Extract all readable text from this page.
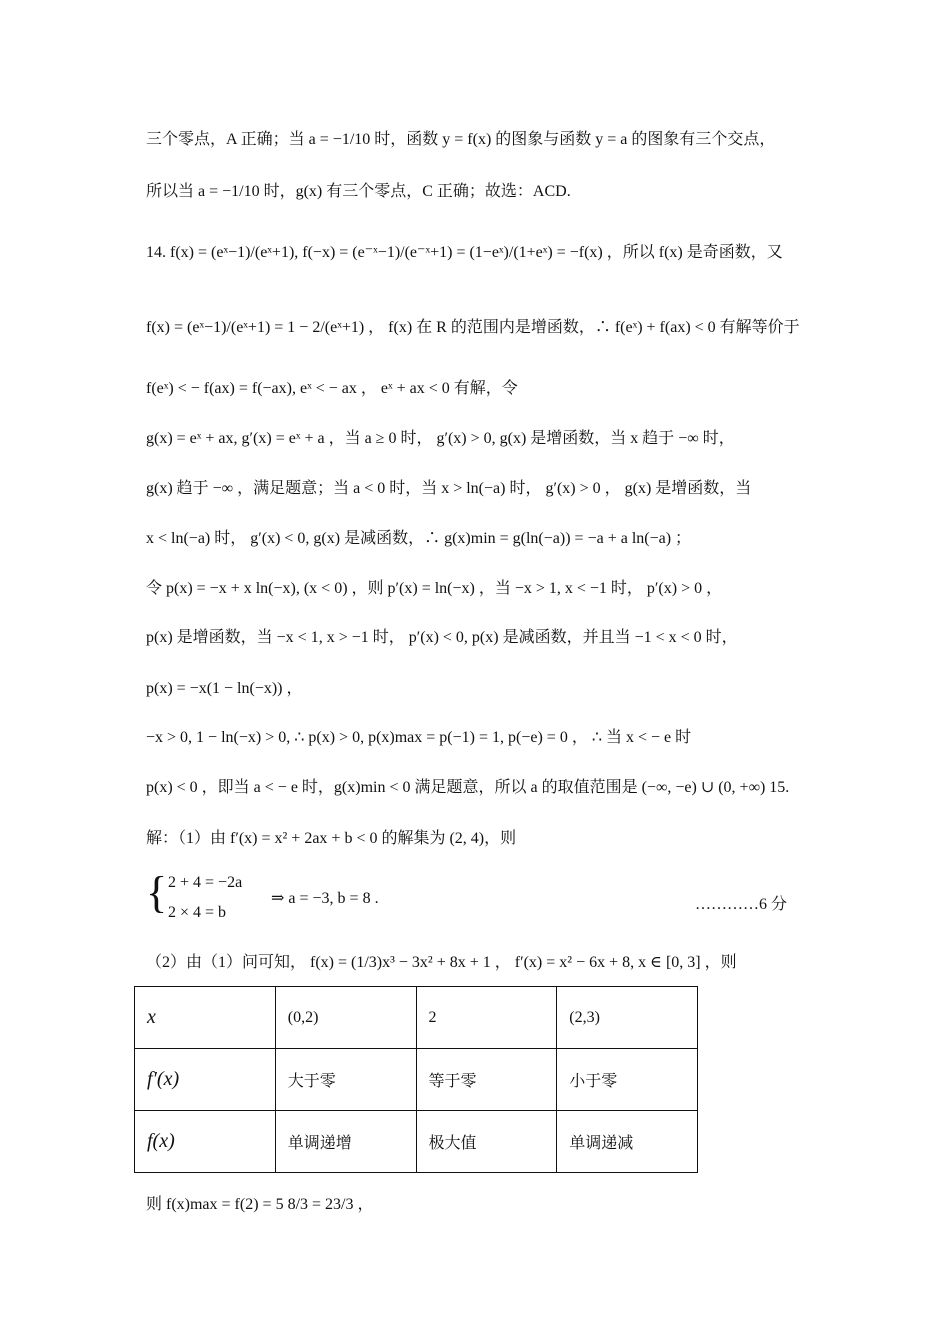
三个零点，A 正确；当 a = −1/10 时，函数 y = f(x) 的图象与函数 y = a 的图象有三个交点，
所以当 a = −1/10 时，g(x) 有三个零点，C 正确；故选：ACD.
14. f(x) = (eˣ−1)/(eˣ+1), f(−x) = (e⁻ˣ−1)/(e⁻ˣ+1) = (1−eˣ)/(1+eˣ) = −f(x) ，所以 f(x) 是奇函数，又
f(x) = (eˣ−1)/(eˣ+1) = 1 − 2/(eˣ+1) ， f(x) 在 R 的范围内是增函数，∴ f(eˣ) + f(ax) < 0 有解等价于
f(eˣ) < − f(ax) = f(−ax), eˣ < − ax ， eˣ + ax < 0 有解，令
g(x) = eˣ + ax, g′(x) = eˣ + a ，当 a ≥ 0 时， g′(x) > 0, g(x) 是增函数，当 x 趋于 −∞ 时，
g(x) 趋于 −∞ ，满足题意；当 a < 0 时，当 x > ln(−a) 时， g′(x) > 0 ， g(x) 是增函数，当
x < ln(−a) 时， g′(x) < 0, g(x) 是减函数，∴ g(x)min = g(ln(−a)) = −a + a ln(−a) ；
令 p(x) = −x + x ln(−x), (x < 0) ，则 p′(x) = ln(−x) ，当 −x > 1, x < −1 时， p′(x) > 0 ，
p(x) 是增函数，当 −x < 1, x > −1 时， p′(x) < 0, p(x) 是减函数，并且当 −1 < x < 0 时，
p(x) = −x(1 − ln(−x)) ，
−x > 0, 1 − ln(−x) > 0, ∴ p(x) > 0, p(x)max = p(−1) = 1, p(−e) = 0 ， ∴ 当 x < − e 时
p(x) < 0 ，即当 a < − e 时，g(x)min < 0 满足题意，所以 a 的取值范围是 (−∞, −e) ∪ (0, +∞) 15.
解：（1）由 f′(x) = x² + 2ax + b < 0 的解集为 (2, 4)，则
{ 2 + 4 = −2a
2 × 4 = b
⇒ a = −3, b = 8 .	…………6 分
（2）由（1）问可知， f(x) = (1/3)x³ − 3x² + 8x + 1 ， f′(x) = x² − 6x + 8, x ∈ [0, 3] ，则
x	(0,2)	2	(2,3)
f′(x)	大于零	等于零	小于零
f(x)	单调递增	极大值	单调递减
则 f(x)max = f(2) = 5 8/3 = 23/3 ，
